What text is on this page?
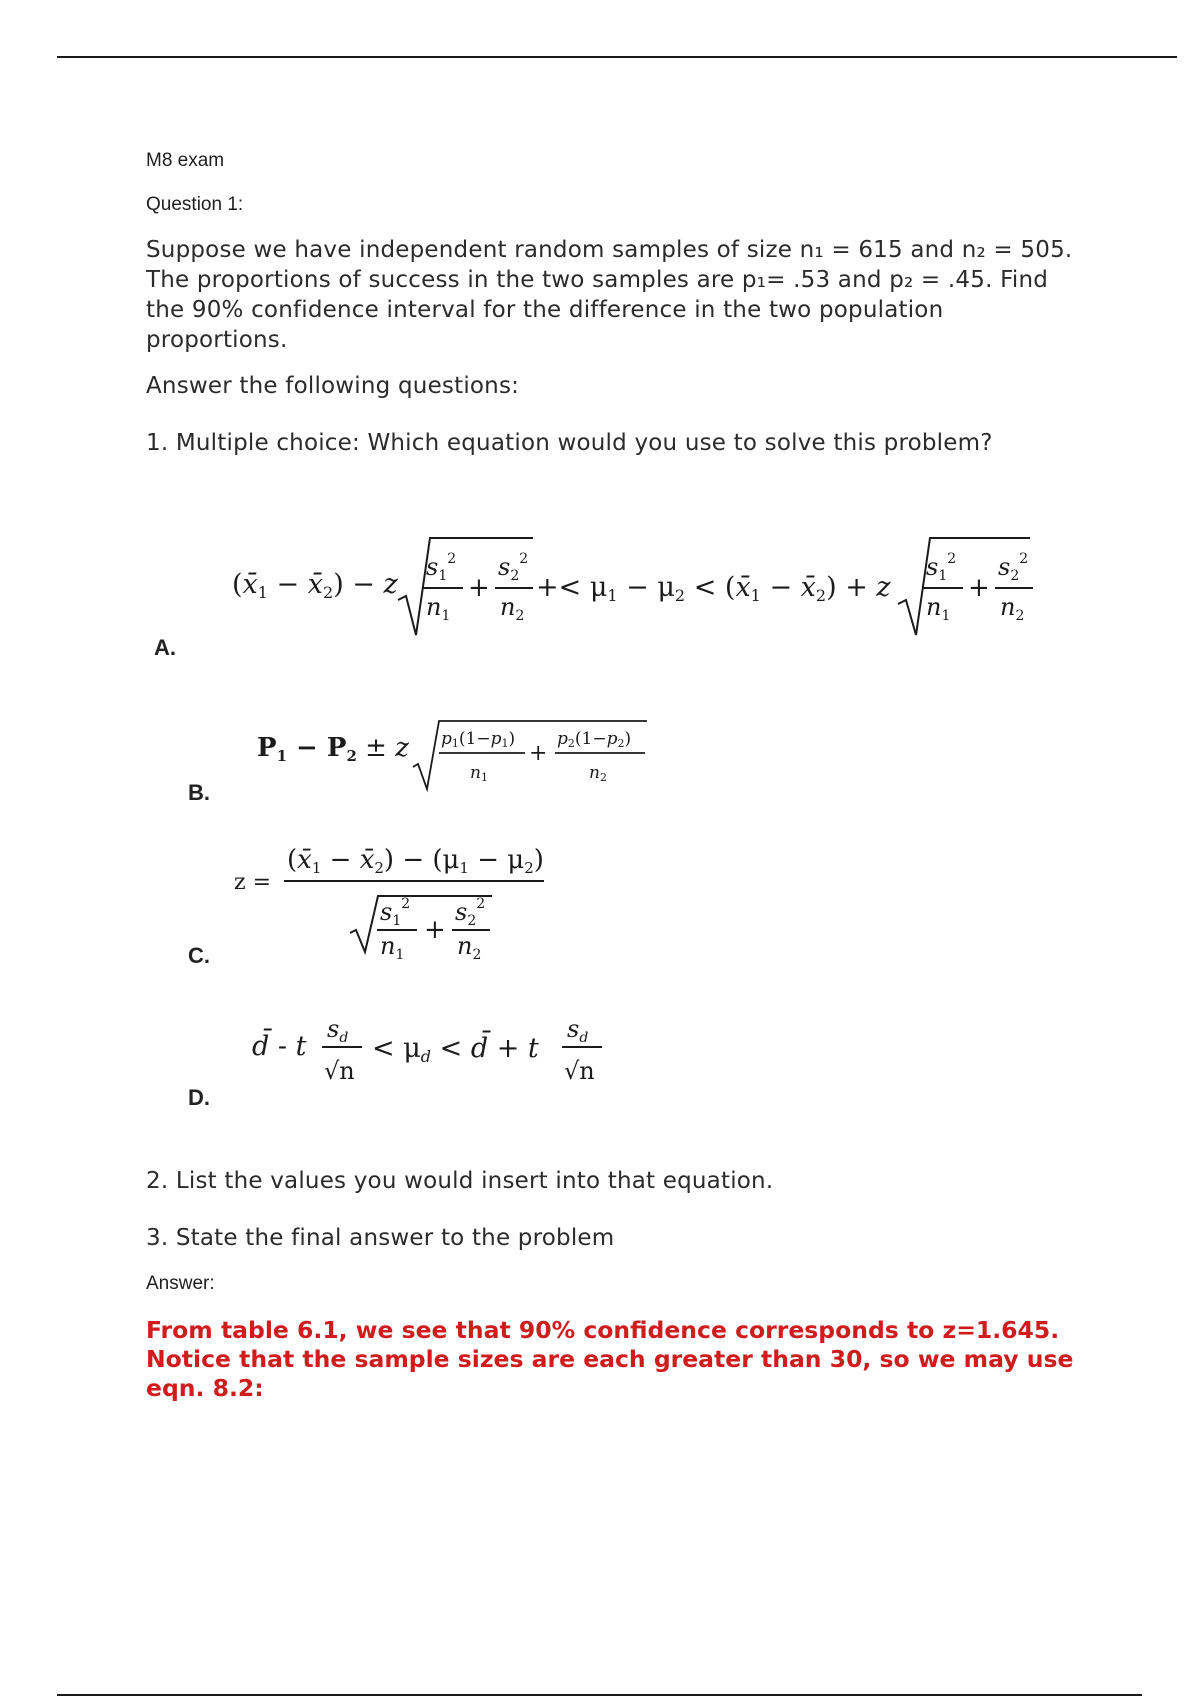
M8 exam
Question 1:
Suppose we have independent random samples of size n₁ = 615 and n₂ = 505. The proportions of success in the two samples are p₁= .53 and p₂ = .45. Find the 90% confidence interval for the difference in the two population proportions.
Answer the following questions:
1. Multiple choice: Which equation would you use to solve this problem?
A.
(x̄1 − x̄2) − z
$s_1^2$
$n_1$
+
$s_2^2$
$n_2$
+< μ1 − μ2 < (x̄1 − x̄2) + z
$s_1^2$
$n_1$
+
$s_2^2$
$n_2$
B.
P1 − P2 ± z p1(1−p1)
n1
+
p2(1−p2)
n2
C.
z =
(x̄1 − x̄2) − (μ1 − μ2)
$s_1^2$
$n_1$
+
$s_2^2$
$n_2$
D.
d̄ - t
$s_d$
√n
< μd < d̄ + t
$s_d$
√n
2. List the values you would insert into that equation.
3. State the final answer to the problem
Answer:
From table 6.1, we see that 90% confidence corresponds to z=1.645. Notice that the sample sizes are each greater than 30, so we may use eqn. 8.2:
